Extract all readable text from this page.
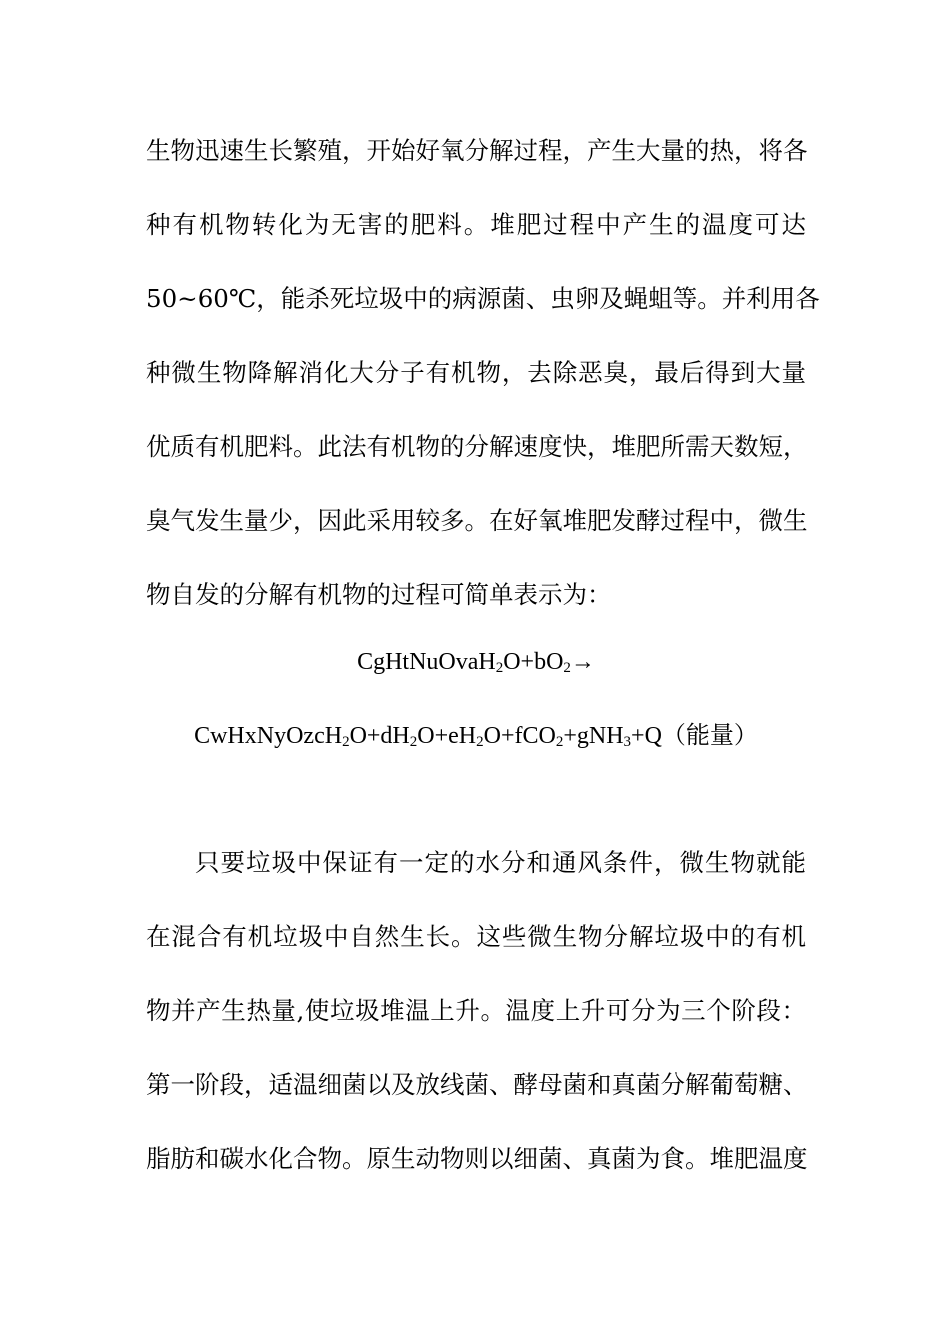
生物迅速生长繁殖，开始好氧分解过程，产生大量的热，将各
种有机物转化为无害的肥料。堆肥过程中产生的温度可达
50~60℃，能杀死垃圾中的病源菌、虫卵及蝇蛆等。并利用各
种微生物降解消化大分子有机物，去除恶臭，最后得到大量
优质有机肥料。此法有机物的分解速度快，堆肥所需天数短，
臭气发生量少，因此采用较多。在好氧堆肥发酵过程中，微生
物自发的分解有机物的过程可简单表示为：
$CgHtNuOvaH_2O+bO_2\to$
$CwHxNyOzcH_2O+dH_2O+eH_2O+fCO_2+gNH_3+Q$（能量）
只要垃圾中保证有一定的水分和通风条件，微生物就能
在混合有机垃圾中自然生长。这些微生物分解垃圾中的有机
物并产生热量,使垃圾堆温上升。温度上升可分为三个阶段：
第一阶段，适温细菌以及放线菌、酵母菌和真菌分解葡萄糖、
脂肪和碳水化合物。原生动物则以细菌、真菌为食。堆肥温度
